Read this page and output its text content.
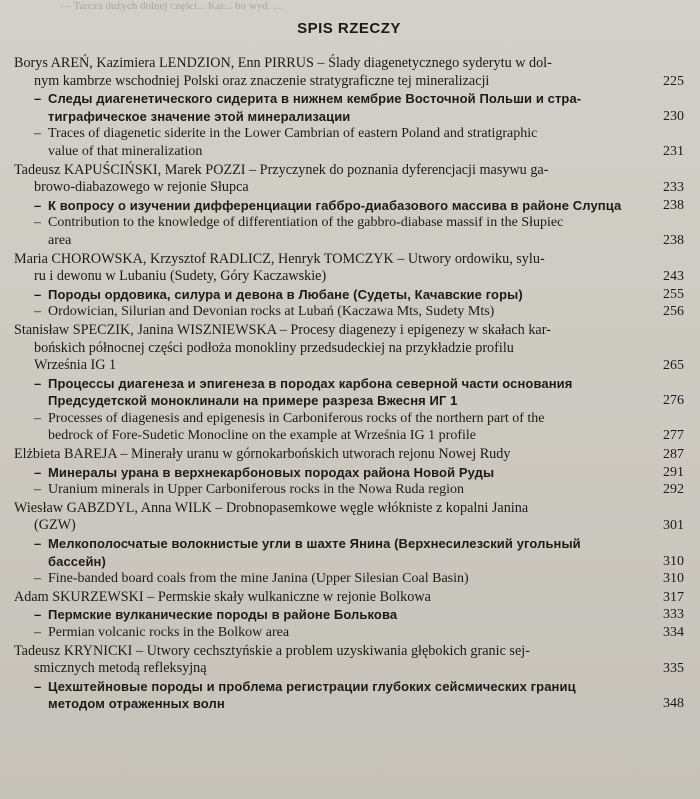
— Tarcza dużych dolnej części... Kar... bo wyd. ...
SPIS RZECZY
Borys AREŃ, Kazimiera LENDZION, Enn PIRRUS – Ślady diagenetycznego syderytu w dol-
nym kambrze wschodniej Polski oraz znaczenie stratygraficzne tej mineralizacji	225
– Следы диагенетического сидерита в нижнем кембрие Восточной Польши и стра-
тиграфическое значение этой минерализации	230
– Traces of diagenetic siderite in the Lower Cambrian of eastern Poland and stratigraphic
value of that mineralization	231
Tadeusz KAPUŚCIŃSKI, Marek POZZI – Przyczynek do poznania dyferencjacji masywu ga-
browo-diabazowego w rejonie Słupca	233
– К вопросу о изучении дифференциации габбро-диабазового массива в районе Слупца	238
– Contribution to the knowledge of differentiation of the gabbro-diabase massif in the Słupiec
area	238
Maria CHOROWSKA, Krzysztof RADLICZ, Henryk TOMCZYK – Utwory ordowiku, sylu-
ru i dewonu w Lubaniu (Sudety, Góry Kaczawskie)	243
– Породы ордовика, силура и девона в Любане (Судеты, Качавские горы)	255
– Ordowician, Silurian and Devonian rocks at Lubań (Kaczawa Mts, Sudety Mts)	256
Stanisław SPECZIK, Janina WISZNIEWSKA – Procesy diagenezy i epigenezy w skałach kar-
bońskich północnej części podłoża monokliny przedsudeckiej na przykładzie profilu
Września IG 1	265
– Процессы диагенеза и эпигенеза в породах карбона северной части основания
Предсудетской моноклинали на примере разреза Вжесня ИГ 1	276
– Processes of diagenesis and epigenesis in Carboniferous rocks of the northern part of the
bedrock of Fore-Sudetic Monocline on the example at Września IG 1 profile	277
Elżbieta BAREJA – Minerały uranu w górnokarbońskich utworach rejonu Nowej Rudy	287
– Минералы урана в верхнекарбоновых породах района Новой Руды	291
– Uranium minerals in Upper Carboniferous rocks in the Nowa Ruda region	292
Wiesław GABZDYL, Anna WILK – Drobnopasemkowe węgle włókniste z kopalni Janina
(GZW)	301
– Мелкополосчатые волокнистые угли в шахте Янина (Верхнесилезский угольный
бассейн)	310
– Fine-banded board coals from the mine Janina (Upper Silesian Coal Basin)	310
Adam SKURZEWSKI – Permskie skały wulkaniczne w rejonie Bolkowa	317
– Пермские вулканические породы в районе Болькова	333
– Permian volcanic rocks in the Bolkow area	334
Tadeusz KRYNICKI – Utwory cechsztyńskie a problem uzyskiwania głębokich granic sej-
smicznych metodą refleksyjną	335
– Цехштейновые породы и проблема регистрации глубоких сейсмических границ
методом отраженных волн	348
